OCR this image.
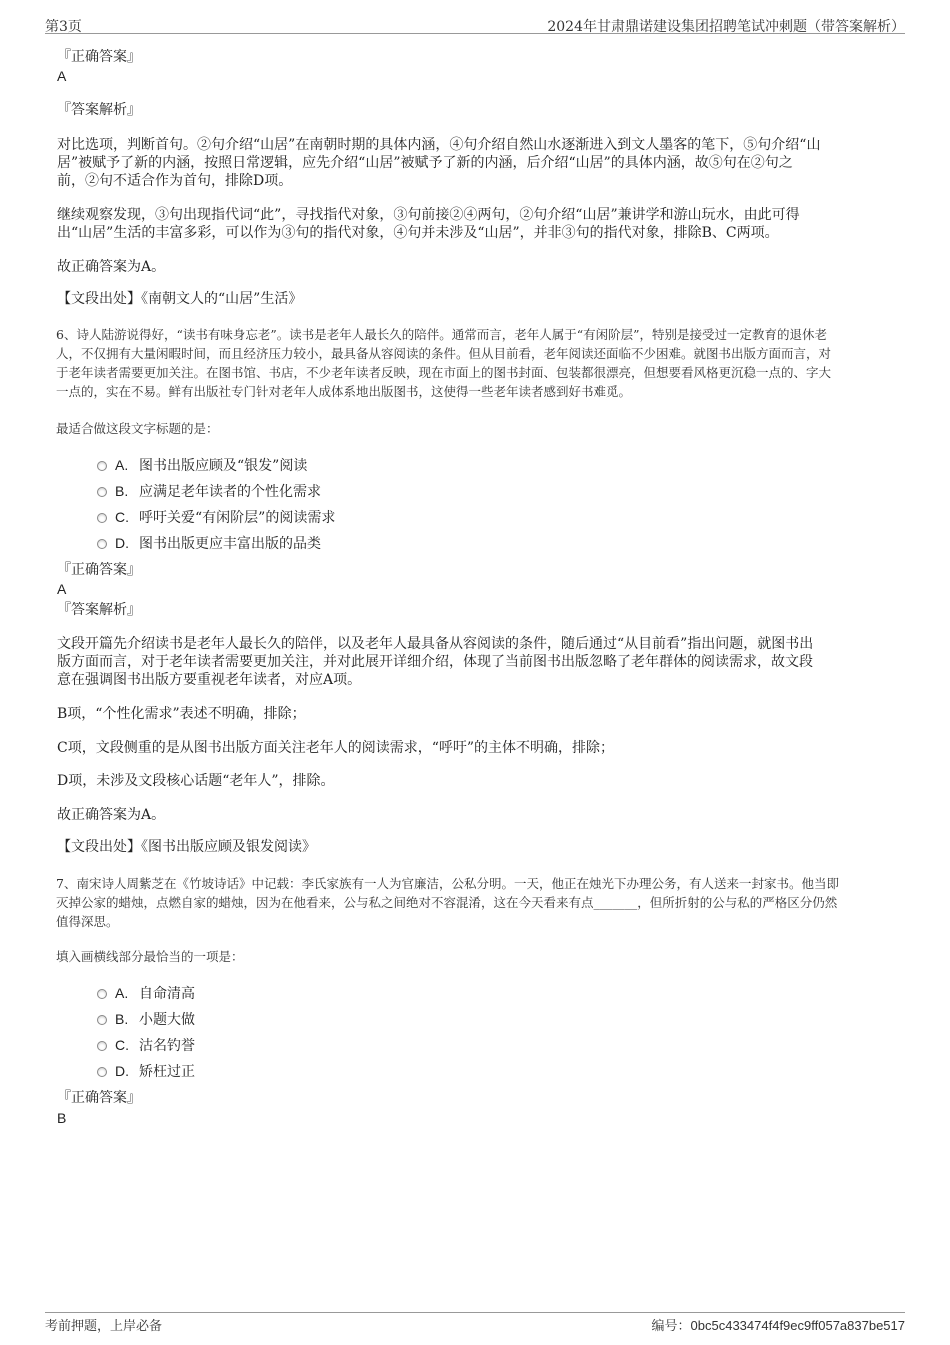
第3页	2024年甘肃鼎诺建设集团招聘笔试冲刺题（带答案解析）
『正确答案』
A
『答案解析』
对比选项，判断首句。②句介绍“山居”在南朝时期的具体内涵，④句介绍自然山水逐渐进入到文人墨客的笔下，⑤句介绍“山
居”被赋予了新的内涵，按照日常逻辑，应先介绍“山居”被赋予了新的内涵，后介绍“山居”的具体内涵，故⑤句在②句之
前，②句不适合作为首句，排除D项。
继续观察发现，③句出现指代词“此”，寻找指代对象，③句前接②④两句，②句介绍“山居”兼讲学和游山玩水，由此可得
出“山居”生活的丰富多彩，可以作为③句的指代对象，④句并未涉及“山居”，并非③句的指代对象，排除B、C两项。
故正确答案为A。
【文段出处】《南朝文人的“山居”生活》
6、诗人陆游说得好，“读书有味身忘老”。读书是老年人最长久的陪伴。通常而言，老年人属于“有闲阶层”，特别是接受过一定教育的退休老
人，不仅拥有大量闲暇时间，而且经济压力较小，最具备从容阅读的条件。但从目前看，老年阅读还面临不少困难。就图书出版方面而言，对
于老年读者需要更加关注。在图书馆、书店，不少老年读者反映，现在市面上的图书封面、包装都很漂亮，但想要看风格更沉稳一点的、字大
一点的，实在不易。鲜有出版社专门针对老年人成体系地出版图书，这使得一些老年读者感到好书难觅。
最适合做这段文字标题的是：
A. 图书出版应顾及“银发”阅读
B. 应满足老年读者的个性化需求
C. 呼吁关爱“有闲阶层”的阅读需求
D. 图书出版更应丰富出版的品类
『正确答案』
A
『答案解析』
文段开篇先介绍读书是老年人最长久的陪伴，以及老年人最具备从容阅读的条件，随后通过“从目前看”指出问题，就图书出
版方面而言，对于老年读者需要更加关注，并对此展开详细介绍，体现了当前图书出版忽略了老年群体的阅读需求，故文段
意在强调图书出版方要重视老年读者，对应A项。
B项，“个性化需求”表述不明确，排除；
C项，文段侧重的是从图书出版方面关注老年人的阅读需求，“呼吁”的主体不明确，排除；
D项，未涉及文段核心话题“老年人”，排除。
故正确答案为A。
【文段出处】《图书出版应顾及银发阅读》
7、南宋诗人周紫芝在《竹坡诗话》中记载：李氏家族有一人为官廉洁，公私分明。一天，他正在烛光下办理公务，有人送来一封家书。他当即
灭掉公家的蜡烛，点燃自家的蜡烛，因为在他看来，公与私之间绝对不容混淆，这在今天看来有点_______，但所折射的公与私的严格区分仍然
值得深思。
填入画横线部分最恰当的一项是：
A. 自命清高
B. 小题大做
C. 沽名钓誉
D. 矫枉过正
『正确答案』
B
考前押题，上岸必备	编号：0bc5c433474f4f9ec9ff057a837be517
